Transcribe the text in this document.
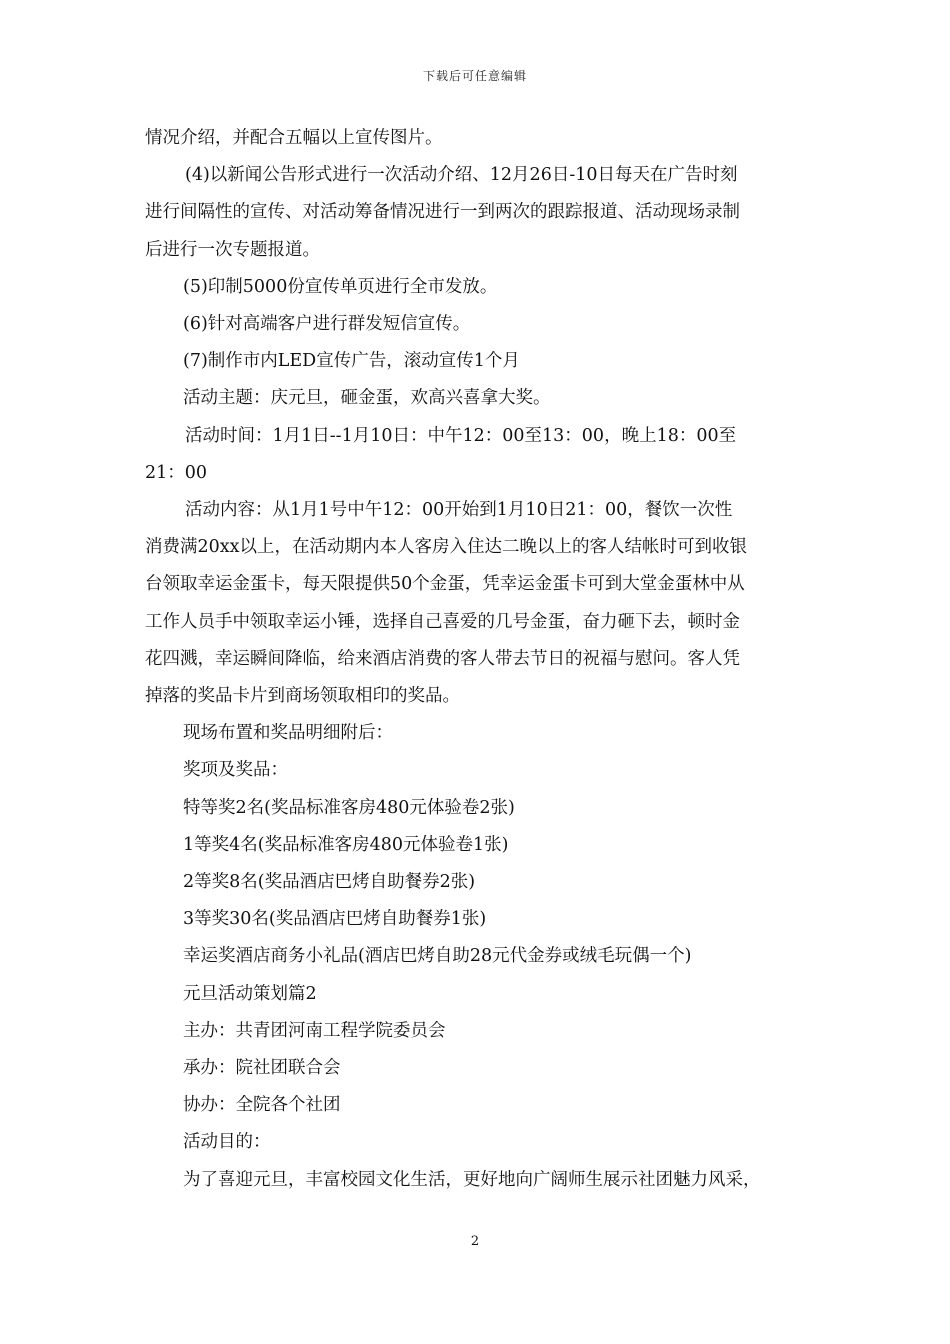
下载后可任意编辑

情况介绍，并配合五幅以上宣传图片。

(4)以新闻公告形式进行一次活动介绍、12月26日-10日每天在广告时刻

进行间隔性的宣传、对活动筹备情况进行一到两次的跟踪报道、活动现场录制

后进行一次专题报道。

(5)印制5000份宣传单页进行全市发放。

(6)针对高端客户进行群发短信宣传。

(7)制作市内LED宣传广告，滚动宣传1个月

活动主题：庆元旦，砸金蛋，欢高兴喜拿大奖。

活动时间：1月1日--1月10日：中午12：00至13：00，晚上18：00至

21：00

活动内容：从1月1号中午12：00开始到1月10日21：00，餐饮一次性

消费满20xx以上，在活动期内本人客房入住达二晚以上的客人结帐时可到收银

台领取幸运金蛋卡，每天限提供50个金蛋，凭幸运金蛋卡可到大堂金蛋林中从

工作人员手中领取幸运小锤，选择自己喜爱的几号金蛋，奋力砸下去，顿时金

花四溅，幸运瞬间降临，给来酒店消费的客人带去节日的祝福与慰问。客人凭

掉落的奖品卡片到商场领取相印的奖品。

现场布置和奖品明细附后：

奖项及奖品：

特等奖2名(奖品标准客房480元体验卷2张)

1等奖4名(奖品标准客房480元体验卷1张)

2等奖8名(奖品酒店巴烤自助餐券2张)

3等奖30名(奖品酒店巴烤自助餐券1张)

幸运奖酒店商务小礼品(酒店巴烤自助28元代金券或绒毛玩偶一个)

元旦活动策划篇2

主办：共青团河南工程学院委员会

承办：院社团联合会

协办：全院各个社团

活动目的：

为了喜迎元旦，丰富校园文化生活，更好地向广阔师生展示社团魅力风采，

2
